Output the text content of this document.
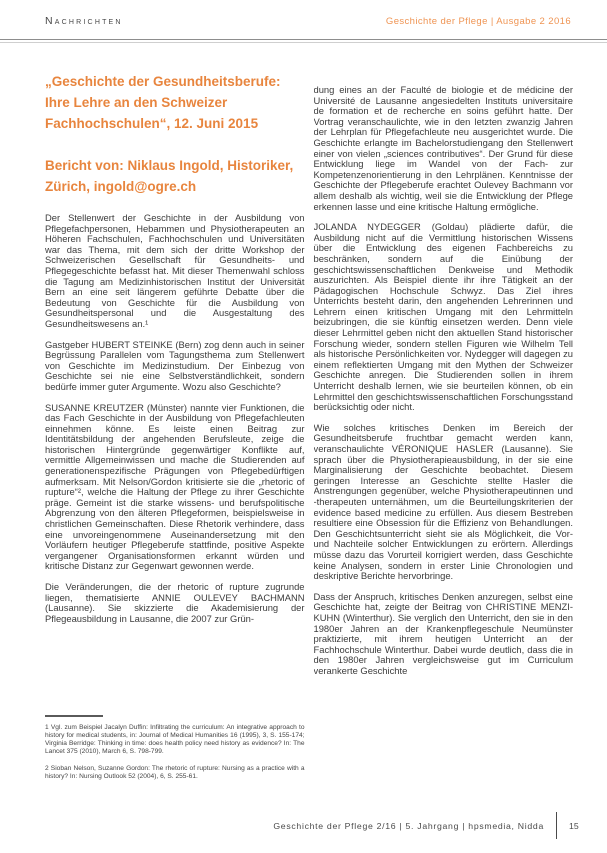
Nachrichten	Geschichte der Pflege | Ausgabe 2 2016
„Geschichte der Gesundheitsberufe: Ihre Lehre an den Schweizer Fachhochschulen“, 12. Juni 2015
Bericht von: Niklaus Ingold, Historiker, Zürich, ingold@ogre.ch

Der Stellenwert der Geschichte in der Ausbildung von Pflegefachpersonen, Hebammen und Physiotherapeuten an Höheren Fachschulen, Fachhochschulen und Universitäten war das Thema, mit dem sich der dritte Workshop der Schweizerischen Gesellschaft für Gesundheits- und Pflegegeschichte befasst hat. Mit dieser Themenwahl schloss die Tagung am Medizinhistorischen Institut der Universität Bern an eine seit längerem geführte Debatte über die Bedeutung von Geschichte für die Ausbildung von Gesundheitspersonal und die Ausgestaltung des Gesundheitswesens an.¹

Gastgeber HUBERT STEINKE (Bern) zog denn auch in seiner Begrüssung Parallelen vom Tagungsthema zum Stellenwert von Geschichte im Medizinstudium. Der Einbezug von Geschichte sei nie eine Selbstverständlichkeit, sondern bedürfe immer guter Argumente. Wozu also Geschichte?

SUSANNE KREUTZER (Münster) nannte vier Funktionen, die das Fach Geschichte in der Ausbildung von Pflegefachleuten einnehmen könne. Es leiste einen Beitrag zur Identitätsbildung der angehenden Berufsleute, zeige die historischen Hintergründe gegenwärtiger Konflikte auf, vermittle Allgemeinwissen und mache die Studierenden auf generationenspezifische Prägungen von Pflegebedürftigen aufmerksam. Mit Nelson/Gordon kritisierte sie die „rhetoric of rupture“², welche die Haltung der Pflege zu ihrer Geschichte präge. Gemeint ist die starke wissens- und berufspolitische Abgrenzung von den älteren Pflegeformen, beispielsweise in christlichen Gemeinschaften. Diese Rhetorik verhindere, dass eine unvoreingenommene Auseinandersetzung mit den Vorläufern heutiger Pflegeberufe stattfinde, positive Aspekte vergangener Organisationsformen erkannt würden und kritische Distanz zur Gegenwart gewonnen werde.

Die Veränderungen, die der rhetoric of rupture zugrunde liegen, thematisierte ANNIE OULEVEY BACHMANN (Lausanne). Sie skizzierte die Akademisierung der Pflegeausbildung in Lausanne, die 2007 zur Grün-

1 Vgl. zum Beispiel Jacalyn Duffin: Infiltrating the curriculum: An integrative approach to history for medical students, in: Journal of Medical Humanities 16 (1995), 3, S. 155-174; Virginia Berridge: Thinking in time: does health policy need history as evidence? In: The Lancet 375 (2010), March 6, S. 798-799.

2 Sioban Nelson, Suzanne Gordon: The rhetoric of rupture: Nursing as a practice with a history? In: Nursing Outlook 52 (2004), 6, S. 255-61.

dung eines an der Faculté de biologie et de médicine der Université de Lausanne angesiedelten Instituts universitaire de formation et de recherche en soins geführt hatte. Der Vortrag veranschaulichte, wie in den letzten zwanzig Jahren der Lehrplan für Pflegefachleute neu ausgerichtet wurde. Die Geschichte erlangte im Bachelorstudiengang den Stellenwert einer von vielen „sciences contributives“. Der Grund für diese Entwicklung liege im Wandel von der Fach- zur Kompetenzenorientierung in den Lehrplänen. Kenntnisse der Geschichte der Pflegeberufe erachtet Oulevey Bachmann vor allem deshalb als wichtig, weil sie die Entwicklung der Pflege erkennen lasse und eine kritische Haltung ermögliche.

JOLANDA NYDEGGER (Goldau) plädierte dafür, die Ausbildung nicht auf die Vermittlung historischen Wissens über die Entwicklung des eigenen Fachbereichs zu beschränken, sondern auf die Einübung der geschichtswissenschaftlichen Denkweise und Methodik auszurichten. Als Beispiel diente ihr ihre Tätigkeit an der Pädagogischen Hochschule Schwyz. Das Ziel ihres Unterrichts besteht darin, den angehenden Lehrerinnen und Lehrern einen kritischen Umgang mit den Lehrmitteln beizubringen, die sie künftig einsetzen werden. Denn viele dieser Lehrmittel geben nicht den aktuellen Stand historischer Forschung wieder, sondern stellen Figuren wie Wilhelm Tell als historische Persönlichkeiten vor. Nydegger will dagegen zu einem reflektierten Umgang mit den Mythen der Schweizer Geschichte anregen. Die Studierenden sollen in ihrem Unterricht deshalb lernen, wie sie beurteilen können, ob ein Lehrmittel den geschichtswissenschaftlichen Forschungsstand berücksichtig oder nicht.

Wie solches kritisches Denken im Bereich der Gesundheitsberufe fruchtbar gemacht werden kann, veranschaulichte VÉRONIQUE HASLER (Lausanne). Sie sprach über die Physiotherapieausbildung, in der sie eine Marginalisierung der Geschichte beobachtet. Diesem geringen Interesse an Geschichte stellte Hasler die Anstrengungen gegenüber, welche Physiotherapeutinnen und -therapeuten unternähmen, um die Beurteilungskriterien der evidence based medicine zu erfüllen. Aus diesem Bestreben resultiere eine Obsession für die Effizienz von Behandlungen. Den Geschichtsunterricht sieht sie als Möglichkeit, die Vor- und Nachteile solcher Entwicklungen zu erörtern. Allerdings müsse dazu das Vorurteil korrigiert werden, dass Geschichte keine Analysen, sondern in erster Linie Chronologien und deskriptive Berichte hervorbringe.

Dass der Anspruch, kritisches Denken anzuregen, selbst eine Geschichte hat, zeigte der Beitrag von CHRISTINE MENZI-KUHN (Winterthur). Sie verglich den Unterricht, den sie in den 1980er Jahren an der Krankenpflegeschule Neumünster praktizierte, mit ihrem heutigen Unterricht an der Fachhochschule Winterthur. Dabei wurde deutlich, dass die in den 1980er Jahren vergleichsweise gut im Curriculum verankerte Geschichte

Geschichte der Pflege 2/16 | 5. Jahrgang | hpsmedia, Nidda	15
